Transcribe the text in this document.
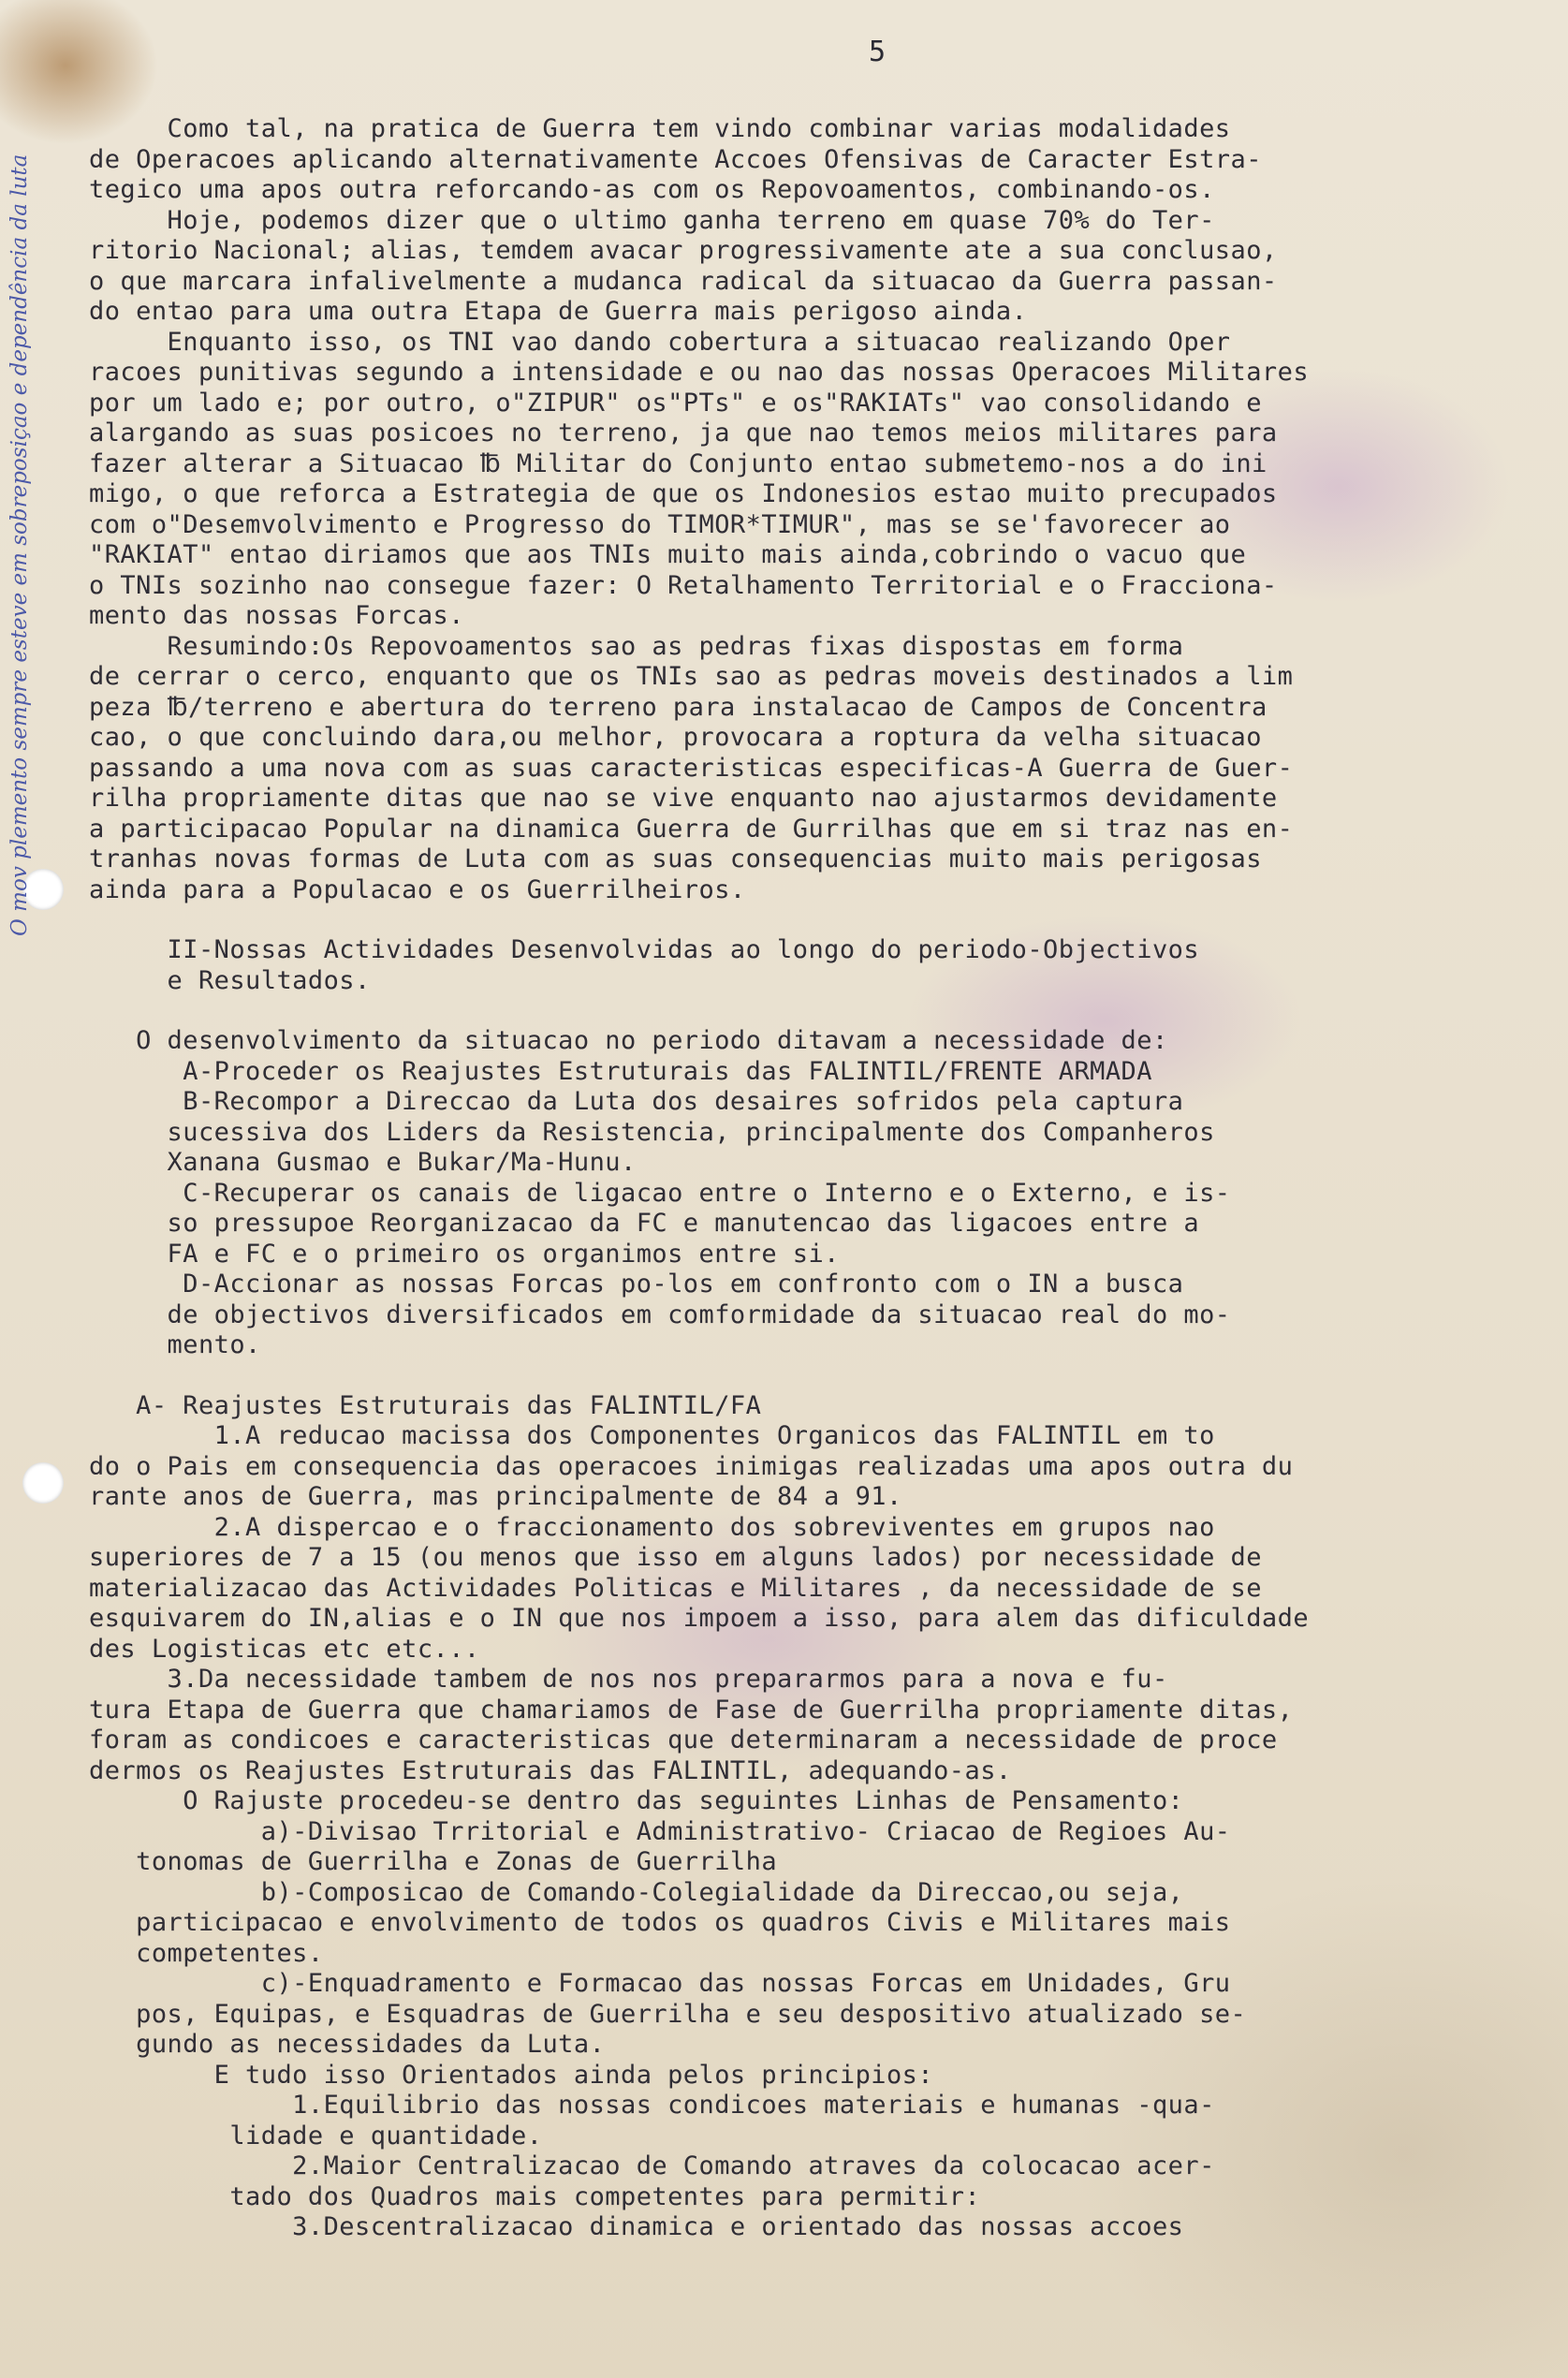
5
O mov plemento sempre esteve em sobreposiçao e dependência da luta
Como tal, na pratica de Guerra tem vindo combinar varias modalidades
de Operacoes aplicando alternativamente Accoes Ofensivas de Caracter Estra-
tegico uma apos outra reforcando-as com os Repovoamentos, combinando-os.
Hoje, podemos dizer que o ultimo ganha terreno em quase 70% do Ter-
ritorio Nacional; alias, temdem avacar progressivamente ate a sua conclusao,
o que marcara infalivelmente a mudanca radical da situacao da Guerra passan-
do entao para uma outra Etapa de Guerra mais perigoso ainda.
Enquanto isso, os TNI vao dando cobertura a situacao realizando Oper
racoes punitivas segundo a intensidade e ou nao das nossas Operacoes Militares
por um lado e; por outro, o"ZIPUR" os"PTs" e os"RAKIATs" vao consolidando e
alargando as suas posicoes no terreno, ja que nao temos meios militares para
fazer alterar a Situacao ℔ Militar do Conjunto entao submetemo-nos a do ini
migo, o que reforca a Estrategia de que os Indonesios estao muito precupados
com o"Desemvolvimento e Progresso do TIMOR*TIMUR", mas se se'favorecer ao
"RAKIAT" entao diriamos que aos TNIs muito mais ainda,cobrindo o vacuo que
o TNIs sozinho nao consegue fazer: O Retalhamento Territorial e o Fracciona-
mento das nossas Forcas.
Resumindo:Os Repovoamentos sao as pedras fixas dispostas em forma
de cerrar o cerco, enquanto que os TNIs sao as pedras moveis destinados a lim
peza ℔/terreno e abertura do terreno para instalacao de Campos de Concentra
cao, o que concluindo dara,ou melhor, provocara a roptura da velha situacao
passando a uma nova com as suas caracteristicas especificas-A Guerra de Guer-
rilha propriamente ditas que nao se vive enquanto nao ajustarmos devidamente
a participacao Popular na dinamica Guerra de Gurrilhas que em si traz nas en-
tranhas novas formas de Luta com as suas consequencias muito mais perigosas
ainda para a Populacao e os Guerrilheiros.
II-Nossas Actividades Desenvolvidas ao longo do periodo-Objectivos
e Resultados.
O desenvolvimento da situacao no periodo ditavam a necessidade de:
A-Proceder os Reajustes Estruturais das FALINTIL/FRENTE ARMADA
B-Recompor a Direccao da Luta dos desaires sofridos pela captura
sucessiva dos Liders da Resistencia, principalmente dos Companheros
Xanana Gusmao e Bukar/Ma-Hunu.
C-Recuperar os canais de ligacao entre o Interno e o Externo, e is-
so pressupoe Reorganizacao da FC e manutencao das ligacoes entre a
FA e FC e o primeiro os organimos entre si.
D-Accionar as nossas Forcas po-los em confronto com o IN a busca
de objectivos diversificados em comformidade da situacao real do mo-
mento.
A- Reajustes Estruturais das FALINTIL/FA
1.A reducao macissa dos Componentes Organicos das FALINTIL em to
do o Pais em consequencia das operacoes inimigas realizadas uma apos outra du
rante anos de Guerra, mas principalmente de 84 a 91.
2.A dispercao e o fraccionamento dos sobreviventes em grupos nao
superiores de 7 a 15 (ou menos que isso em alguns lados) por necessidade de
materializacao das Actividades Politicas e Militares , da necessidade de se
esquivarem do IN,alias e o IN que nos impoem a isso, para alem das dificuldade
des Logisticas etc etc...
3.Da necessidade tambem de nos nos prepararmos para a nova e fu-
tura Etapa de Guerra que chamariamos de Fase de Guerrilha propriamente ditas,
foram as condicoes e caracteristicas que determinaram a necessidade de proce
dermos os Reajustes Estruturais das FALINTIL, adequando-as.
O Rajuste procedeu-se dentro das seguintes Linhas de Pensamento:
a)-Divisao Trritorial e Administrativo- Criacao de Regioes Au-
tonomas de Guerrilha e Zonas de Guerrilha
b)-Composicao de Comando-Colegialidade da Direccao,ou seja,
participacao e envolvimento de todos os quadros Civis e Militares mais
competentes.
c)-Enquadramento e Formacao das nossas Forcas em Unidades, Gru
pos, Equipas, e Esquadras de Guerrilha e seu despositivo atualizado se-
gundo as necessidades da Luta.
E tudo isso Orientados ainda pelos principios:
1.Equilibrio das nossas condicoes materiais e humanas -qua-
lidade e quantidade.
2.Maior Centralizacao de Comando atraves da colocacao acer-
tado dos Quadros mais competentes para permitir:
3.Descentralizacao dinamica e orientado das nossas accoes
